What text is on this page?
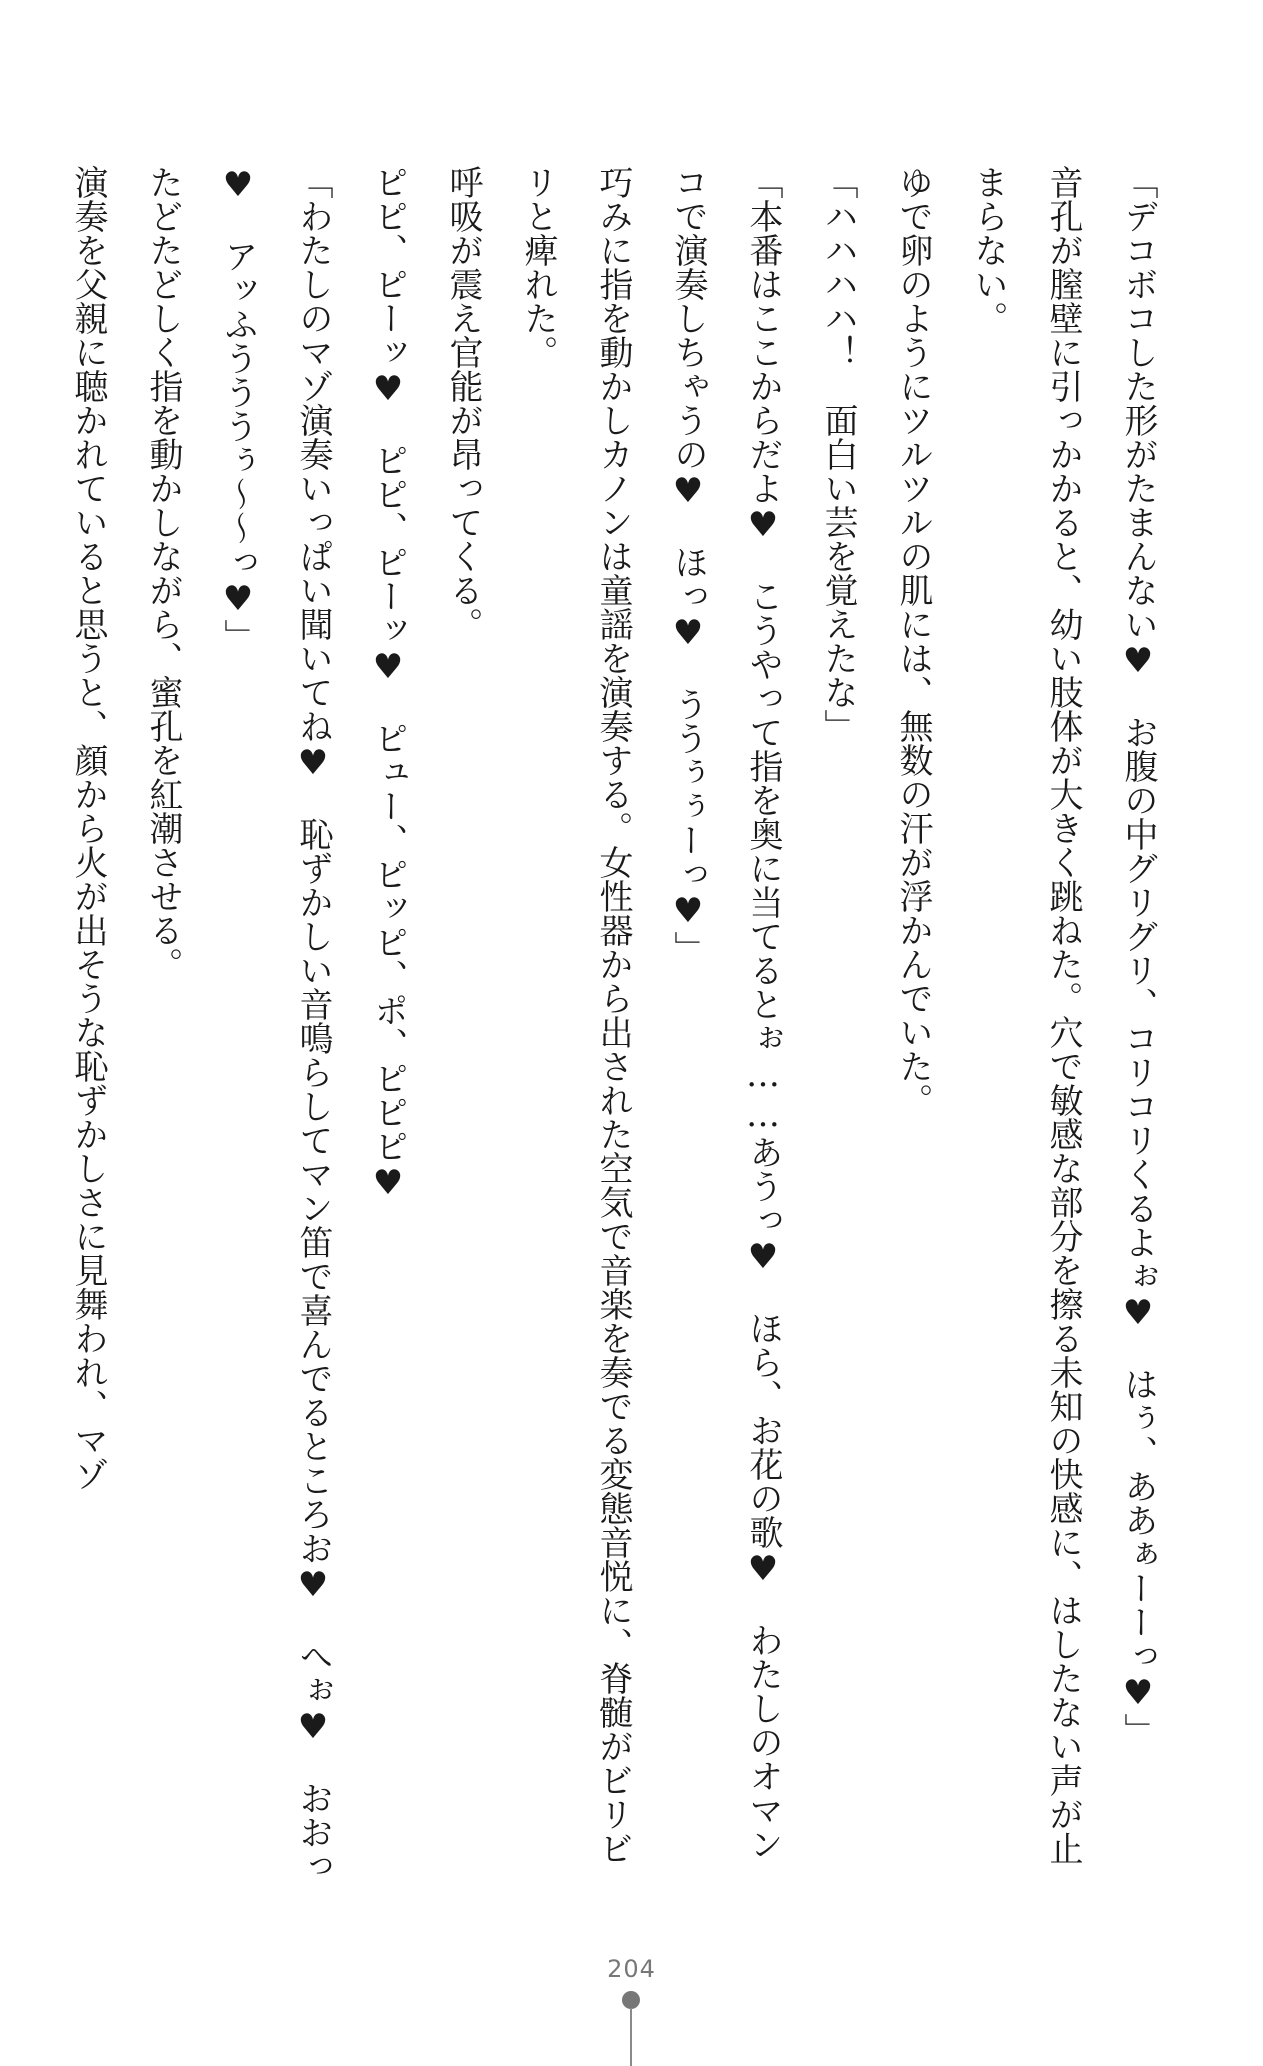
「デコボコした形がたまんない♥　お腹の中グリグリ、コリコリくるよぉ♥　はぅ、ああぁーーっ♥」

音孔が膣壁に引っかかると、幼い肢体が大きく跳ねた。穴で敏感な部分を擦る未知の快感に、はしたない声が止まらない。

ゆで卵のようにツルツルの肌には、無数の汗が浮かんでいた。

「ハハハハ！　面白い芸を覚えたな」

「本番はここからだよ♥　こうやって指を奥に当てるとぉ……あうっ♥　ほら、お花の歌♥　わたしのオマンコで演奏しちゃうの♥　ほっ♥　ううぅぅーっ♥」

巧みに指を動かしカノンは童謡を演奏する。女性器から出された空気で音楽を奏でる変態音悦に、脊髄がビリビリと痺れた。

呼吸が震え官能が昂ってくる。

ピピ、ピーッ♥　ピピ、ピーッ♥　ピュー、ピッピ、ポ、ピピピ♥

「わたしのマゾ演奏いっぱい聞いてね♥　恥ずかしい音鳴らしてマン笛で喜んでるところお♥　へぉ♥　おおっ♥　アッふうううぅ〜〜っ♥」

たどたどしく指を動かしながら、蜜孔を紅潮させる。

演奏を父親に聴かれていると思うと、顔から火が出そうな恥ずかしさに見舞われ、マゾ

204
